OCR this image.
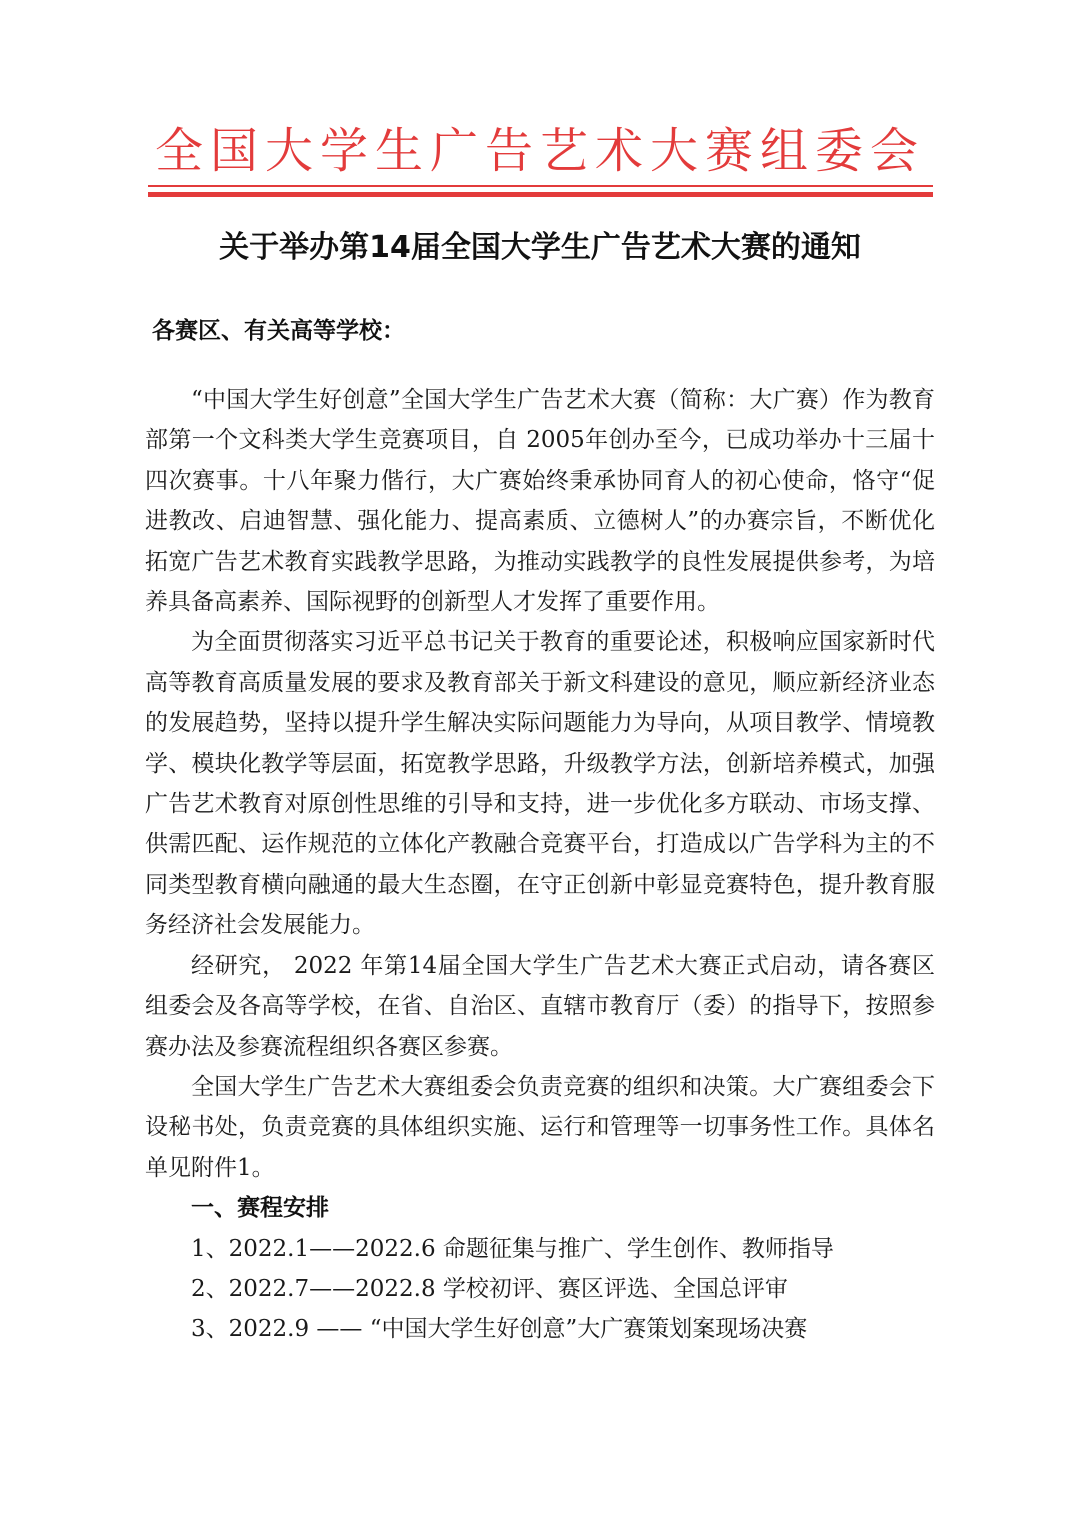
全国大学生广告艺术大赛组委会
关于举办第14届全国大学生广告艺术大赛的通知
各赛区、有关高等学校：

“中国大学生好创意”全国大学生广告艺术大赛（简称：大广赛）作为教育部第一个文科类大学生竞赛项目，自 2005年创办至今，已成功举办十三届十四次赛事。十八年聚力偕行，大广赛始终秉承协同育人的初心使命，恪守“促进教改、启迪智慧、强化能力、提高素质、立德树人”的办赛宗旨，不断优化拓宽广告艺术教育实践教学思路，为推动实践教学的良性发展提供参考，为培养具备高素养、国际视野的创新型人才发挥了重要作用。

为全面贯彻落实习近平总书记关于教育的重要论述，积极响应国家新时代高等教育高质量发展的要求及教育部关于新文科建设的意见，顺应新经济业态的发展趋势，坚持以提升学生解决实际问题能力为导向，从项目教学、情境教学、模块化教学等层面，拓宽教学思路，升级教学方法，创新培养模式，加强广告艺术教育对原创性思维的引导和支持，进一步优化多方联动、市场支撑、供需匹配、运作规范的立体化产教融合竞赛平台，打造成以广告学科为主的不同类型教育横向融通的最大生态圈，在守正创新中彰显竞赛特色，提升教育服务经济社会发展能力。

经研究， 2022 年第14届全国大学生广告艺术大赛正式启动，请各赛区组委会及各高等学校，在省、自治区、直辖市教育厅（委）的指导下，按照参赛办法及参赛流程组织各赛区参赛。

全国大学生广告艺术大赛组委会负责竞赛的组织和决策。大广赛组委会下设秘书处，负责竞赛的具体组织实施、运行和管理等一切事务性工作。具体名单见附件1。

一、赛程安排
1、2022.1——2022.6 命题征集与推广、学生创作、教师指导
2、2022.7——2022.8 学校初评、赛区评选、全国总评审
3、2022.9 —— “中国大学生好创意”大广赛策划案现场决赛
